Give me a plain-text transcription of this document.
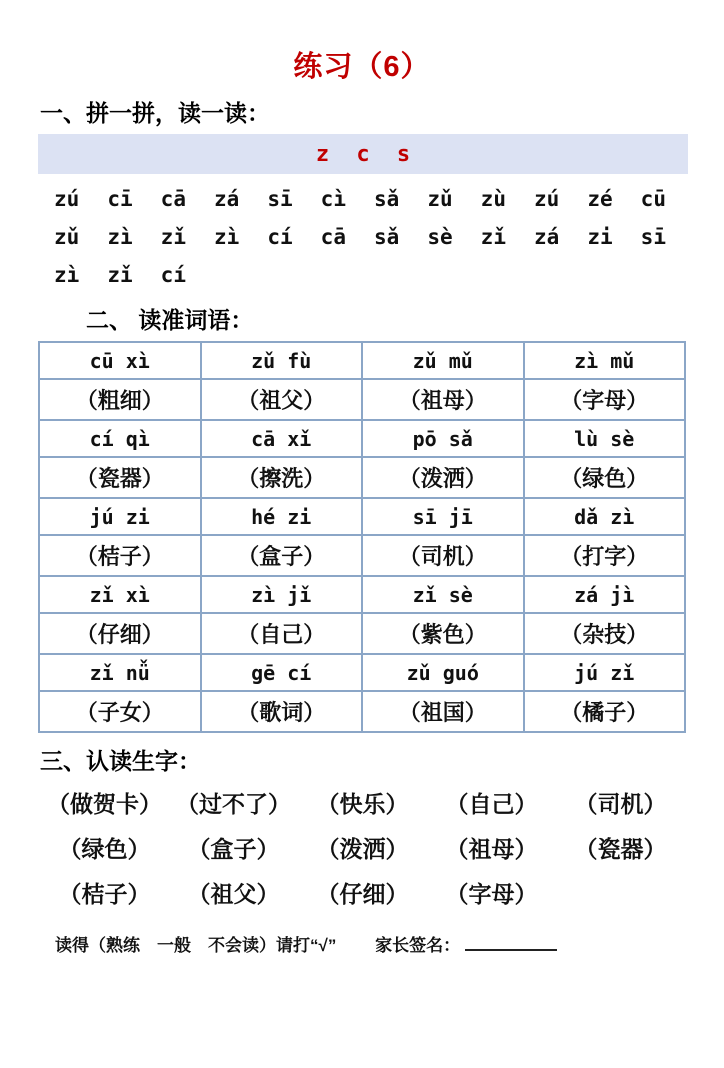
练习（6）
一、拼一拼，读一读：
z c s
zú	cī	cā	zá	sī	cì	sǎ	zǔ	zù	zú	zé	cū
zǔ	zì	zǐ	zì	cí	cā	sǎ	sè	zǐ	zá	zi	sī
zì	zǐ	cí
二、 读准词语：
cū xì	zǔ fù	zǔ mǔ	zì mǔ
（粗细）	（祖父）	（祖母）	（字母）
cí qì	cā xǐ	pō sǎ	lù sè
（瓷器）	（擦洗）	（泼洒）	（绿色）
jú zi	hé zi	sī jī	dǎ zì
（桔子）	（盒子）	（司机）	（打字）
zǐ xì	zì jǐ	zǐ sè	zá jì
（仔细）	（自己）	（紫色）	（杂技）
zǐ nǚ	gē cí	zǔ guó	jú zǐ
（子女）	（歌词）	（祖国）	（橘子）
三、认读生字：
（做贺卡） （过不了）	（快乐）	（自己）	（司机）
（绿色）	（盒子）	（泼洒）	（祖母）	（瓷器）
（桔子）	（祖父）	（仔细）	（字母）
读得（熟练　一般　不会读）请打“√” 家长签名：
